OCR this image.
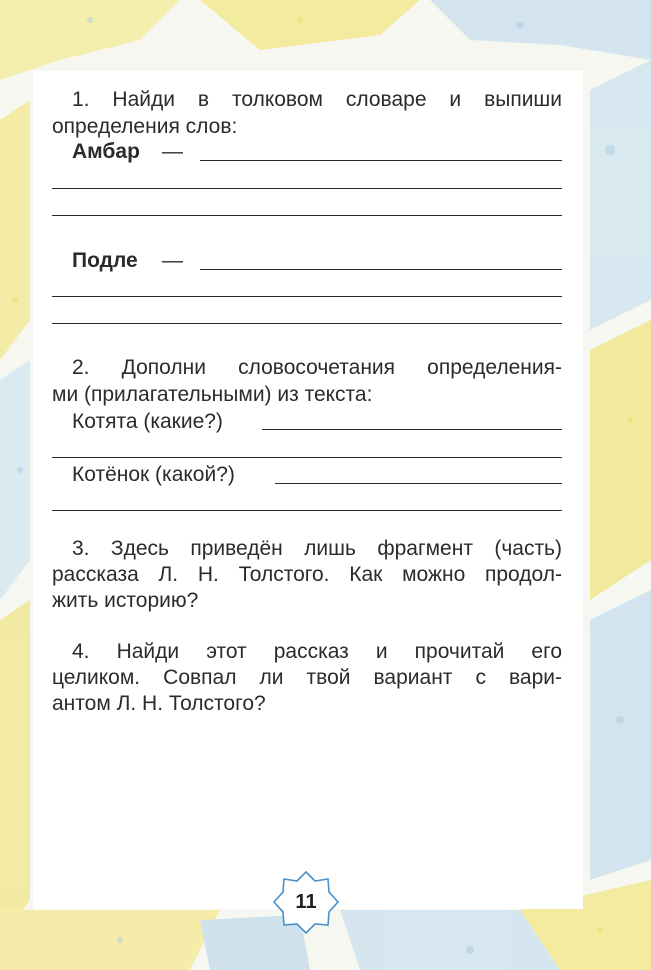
1. Найди в толковом словаре и выпиши
определения слов:
Амбар —
Подле —
2. Дополни словосочетания определения-
ми (прилагательными) из текста:
Котята (какие?)
Котёнок (какой?)
3. Здесь приведён лишь фрагмент (часть)
рассказа Л. Н. Толстого. Как можно продол-
жить историю?
4. Найди этот рассказ и прочитай его
целиком. Совпал ли твой вариант с вари-
антом Л. Н. Толстого?
11
